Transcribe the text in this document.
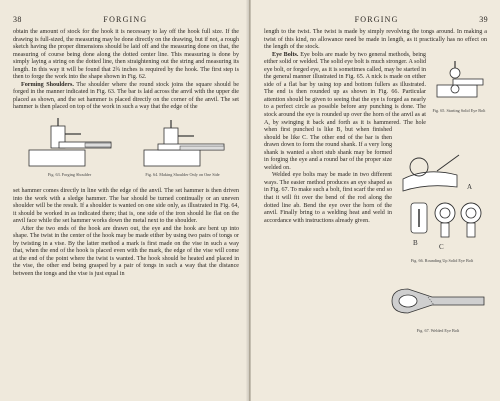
38	FORGING

obtain the amount of stock for the hook it is necessary to lay off the hook full size. If the drawing is full-sized, the measuring may be done directly on the drawing, but if not, a rough sketch having the proper dimensions should be laid off and the measuring done on that, the measuring of course being done along the dotted center line. This measuring is done by simply laying a string on the dotted line, then straightening out the string and measuring its length. In this way it will be found that 2¾ inches is required by the hook. The first step is then to forge the work into the shape shown in Fig. 62.

Forming Shoulders. The shoulder where the round stock joins the square should be forged in the manner indicated in Fig. 63. The bar is laid across the anvil with the upper die placed as shown, and the set hammer is placed directly on the corner of the anvil. The set hammer is then placed on top of the work in such a way that the edge of the

Fig. 63. Forging Shoulder	Fig. 64. Making Shoulder Only on One Side

set hammer comes directly in line with the edge of the anvil. The set hammer is then driven into the work with a sledge hammer. The bar should be turned continually or an uneven shoulder will be the result. If a shoulder is wanted on one side only, as illustrated in Fig. 64, it should be worked in as indicated there; that is, one side of the iron should lie flat on the anvil face while the set hammer works down the metal next to the shoulder.

After the two ends of the hook are drawn out, the eye and the hook are bent up into shape. The twist in the center of the hook may be made either by using two pairs of tongs or by twisting in a vise. By the latter method a mark is first made on the vise in such a way that, when the end of the hook is placed even with the mark, the edge of the vise will come at the end of the point where the twist is wanted. The hook should be heated and placed in the vise, the other end being grasped by a pair of tongs in such a way that the distance between the tongs and the vise is just equal in

FORGING	39
Fig. 65. Starting Solid Eye Bolt
A
B	C
Fig. 66. Rounding Up Solid Eye Bolt
Fig. 67. Welded Eye Bolt

length to the twist. The twist is made by simply revolving the tongs around. In making a twist of this kind, no allowance need be made in length, as it practically has no effect on the length of the stock.

Eye Bolts. Eye bolts are made by two general methods, being either solid or welded. The solid eye bolt is much stronger. A solid eye bolt, or forged eye, as it is sometimes called, may be started in the general manner illustrated in Fig. 65. A nick is made on either side of a flat bar by using top and bottom fullers as illustrated. The end is then rounded up as shown in Fig. 66. Particular attention should be given to seeing that the eye is forged as nearly to a perfect circle as possible before any punching is done. The stock around the eye is rounded up over the horn of the anvil as at A, by swinging it back and forth as it is hammered. The hole when first punched is like B, but when finished should be like C. The other end of the bar is then drawn down to form the round shank. If a very long shank is wanted a short stub shank may be formed in forging the eye and a round bar of the proper size welded on.

Welded eye bolts may be made in two different ways. The easier method produces an eye shaped as in Fig. 67. To make such a bolt, first scarf the end so that it will fit over the bend of the rod along the dotted line ab. Bend the eye over the horn of the anvil. Finally bring to a welding heat and weld in accordance with instructions already given.
